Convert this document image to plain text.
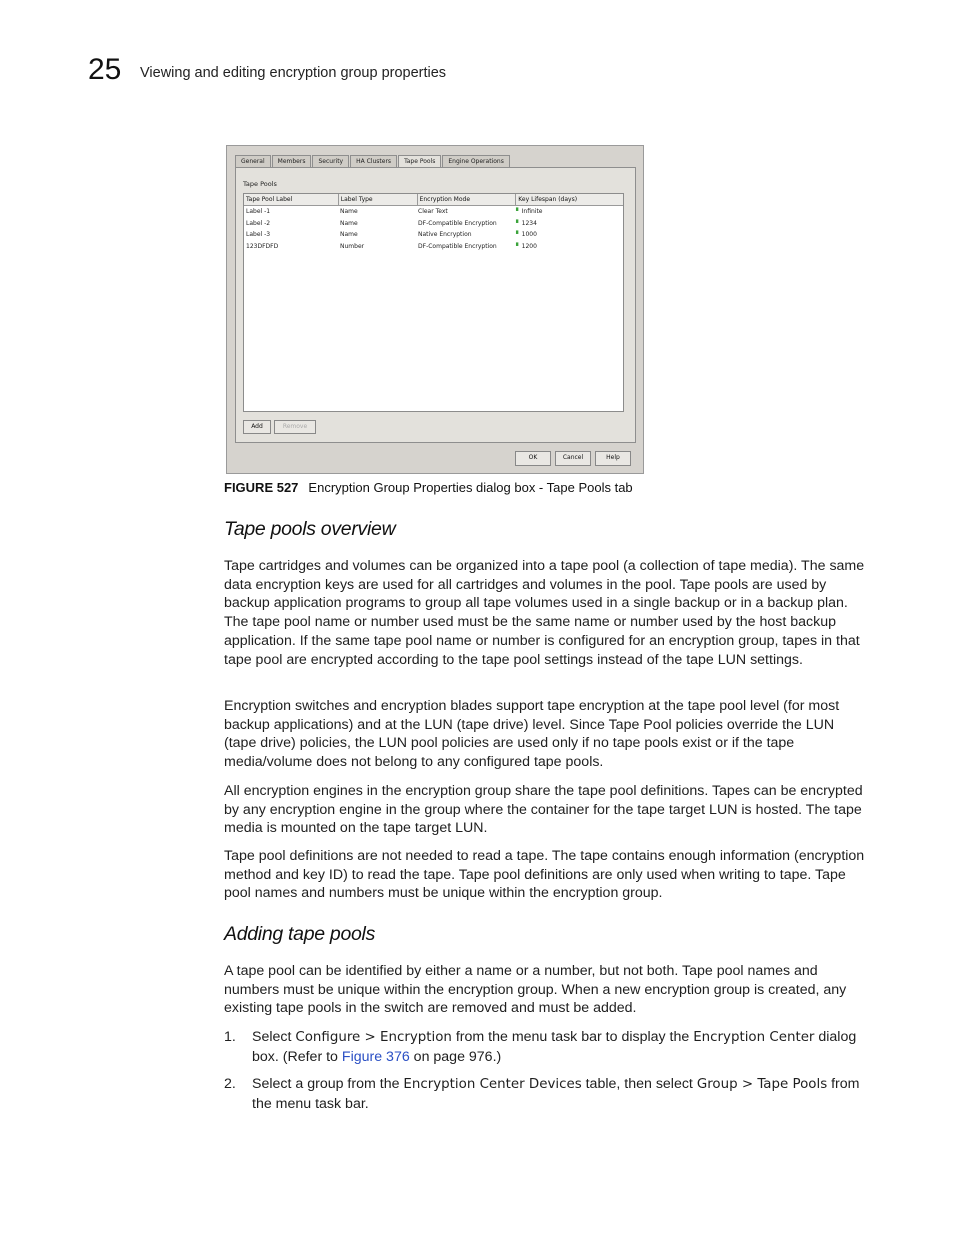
25 Viewing and editing encryption group properties
General	Members	Security	HA Clusters	Tape Pools	Engine Operations
Tape Pools
Tape Pool Label	Label Type	Encryption Mode	Key Lifespan (days)
Label -1	Name	Clear Text	▘Infinite
Label -2	Name	DF-Compatible Encryption	▘1234
Label -3	Name	Native Encryption	▘1000
123DFDFD	Number	DF-Compatible Encryption	▘1200
Add	Remove
OK	Cancel	Help
FIGURE 527 Encryption Group Properties dialog box - Tape Pools tab
Tape pools overview
Tape cartridges and volumes can be organized into a tape pool (a collection of tape media). The same data encryption keys are used for all cartridges and volumes in the pool. Tape pools are used by backup application programs to group all tape volumes used in a single backup or in a backup plan. The tape pool name or number used must be the same name or number used by the host backup application. If the same tape pool name or number is configured for an encryption group, tapes in that tape pool are encrypted according to the tape pool settings instead of the tape LUN settings.
Encryption switches and encryption blades support tape encryption at the tape pool level (for most backup applications) and at the LUN (tape drive) level. Since Tape Pool policies override the LUN (tape drive) policies, the LUN pool policies are used only if no tape pools exist or if the tape media/volume does not belong to any configured tape pools.
All encryption engines in the encryption group share the tape pool definitions. Tapes can be encrypted by any encryption engine in the group where the container for the tape target LUN is hosted. The tape media is mounted on the tape target LUN.
Tape pool definitions are not needed to read a tape. The tape contains enough information (encryption method and key ID) to read the tape. Tape pool definitions are only used when writing to tape. Tape pool names and numbers must be unique within the encryption group.
Adding tape pools
A tape pool can be identified by either a name or a number, but not both. Tape pool names and numbers must be unique within the encryption group. When a new encryption group is created, any existing tape pools in the switch are removed and must be added.
1. Select Configure > Encryption from the menu task bar to display the Encryption Center dialog box. (Refer to Figure 376 on page 976.)
2. Select a group from the Encryption Center Devices table, then select Group > Tape Pools from the menu task bar.
